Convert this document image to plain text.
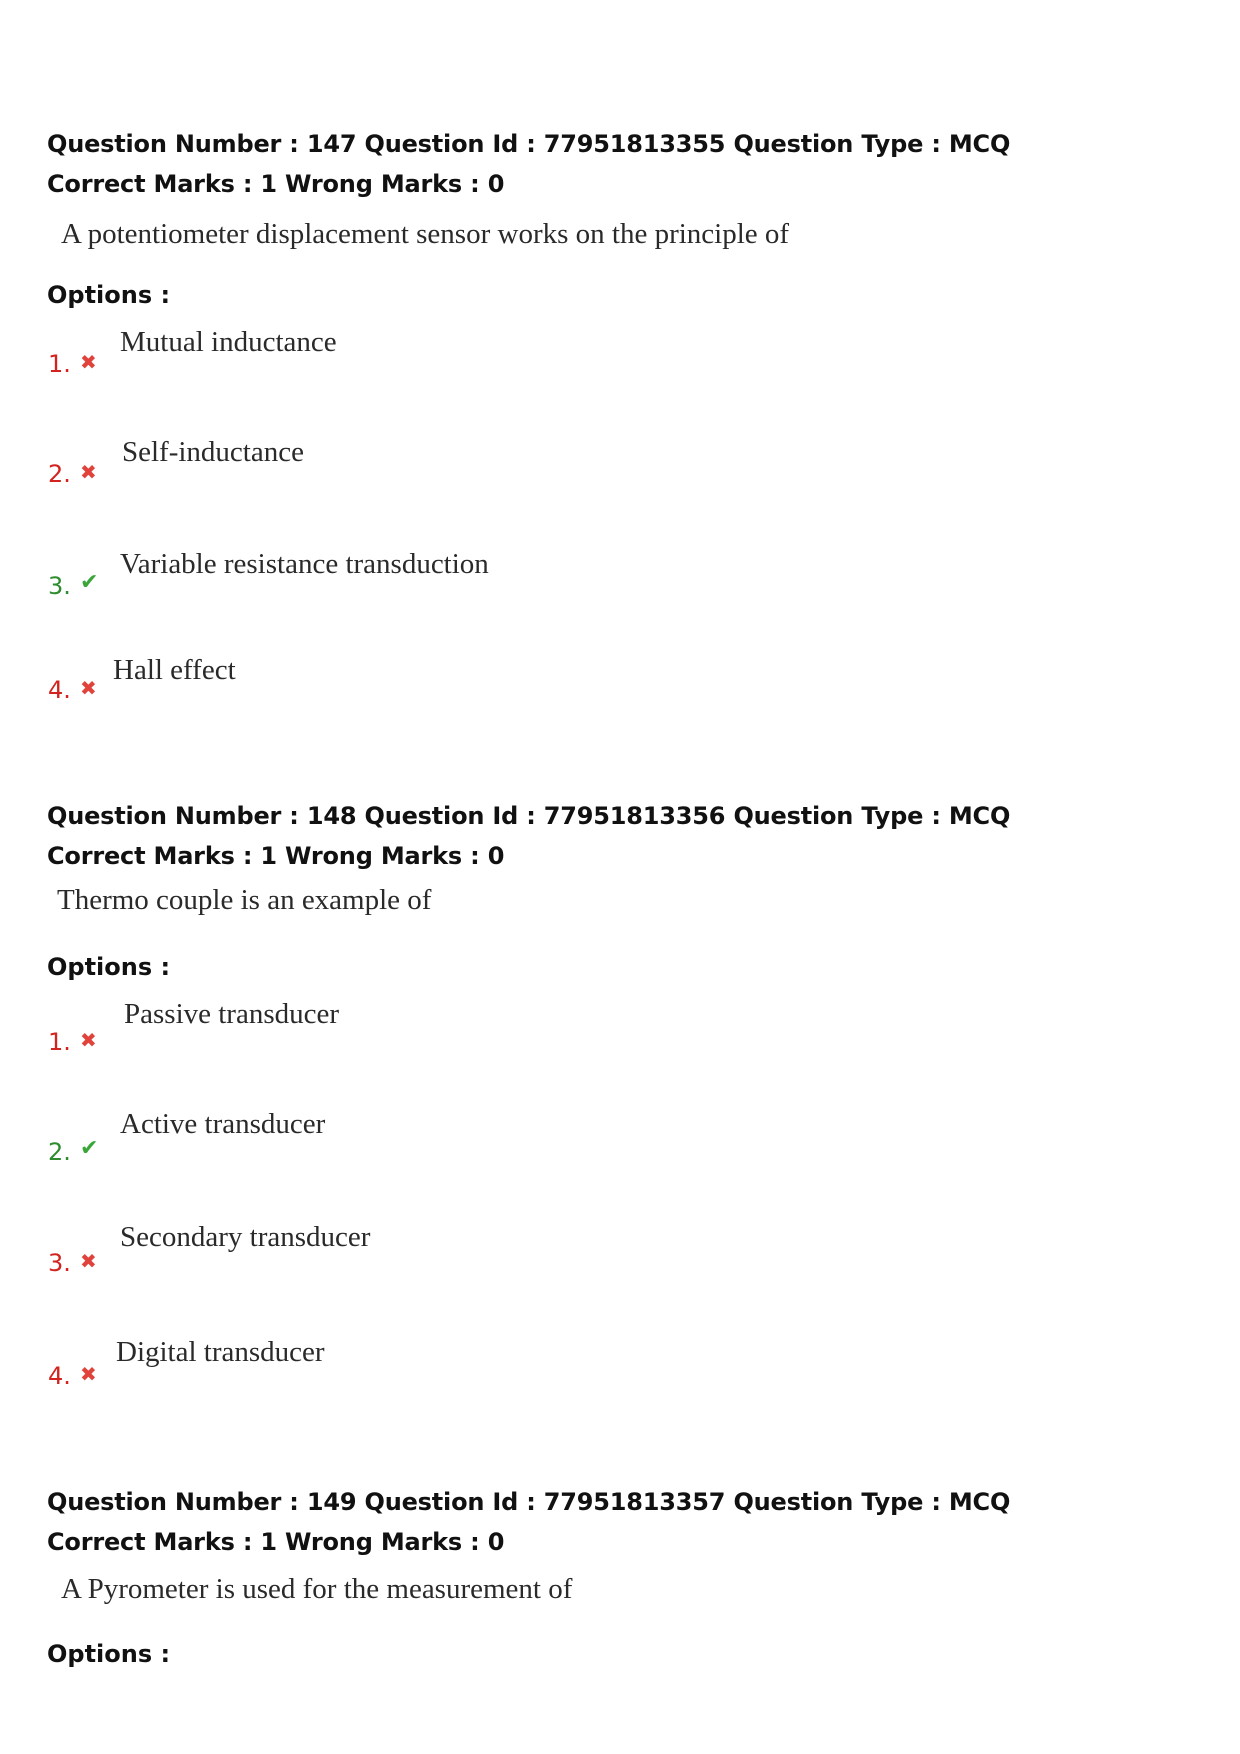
Question Number : 147 Question Id : 77951813355 Question Type : MCQ
Correct Marks : 1 Wrong Marks : 0
A potentiometer displacement sensor works on the principle of
Options :
1. ✖
Mutual inductance
2. ✖
Self-inductance
3. ✔
Variable resistance transduction
4. ✖
Hall effect
Question Number : 148 Question Id : 77951813356 Question Type : MCQ
Correct Marks : 1 Wrong Marks : 0
Thermo couple is an example of
Options :
1. ✖
Passive transducer
2. ✔
Active transducer
3. ✖
Secondary transducer
4. ✖
Digital transducer
Question Number : 149 Question Id : 77951813357 Question Type : MCQ
Correct Marks : 1 Wrong Marks : 0
A Pyrometer is used for the measurement of
Options :
